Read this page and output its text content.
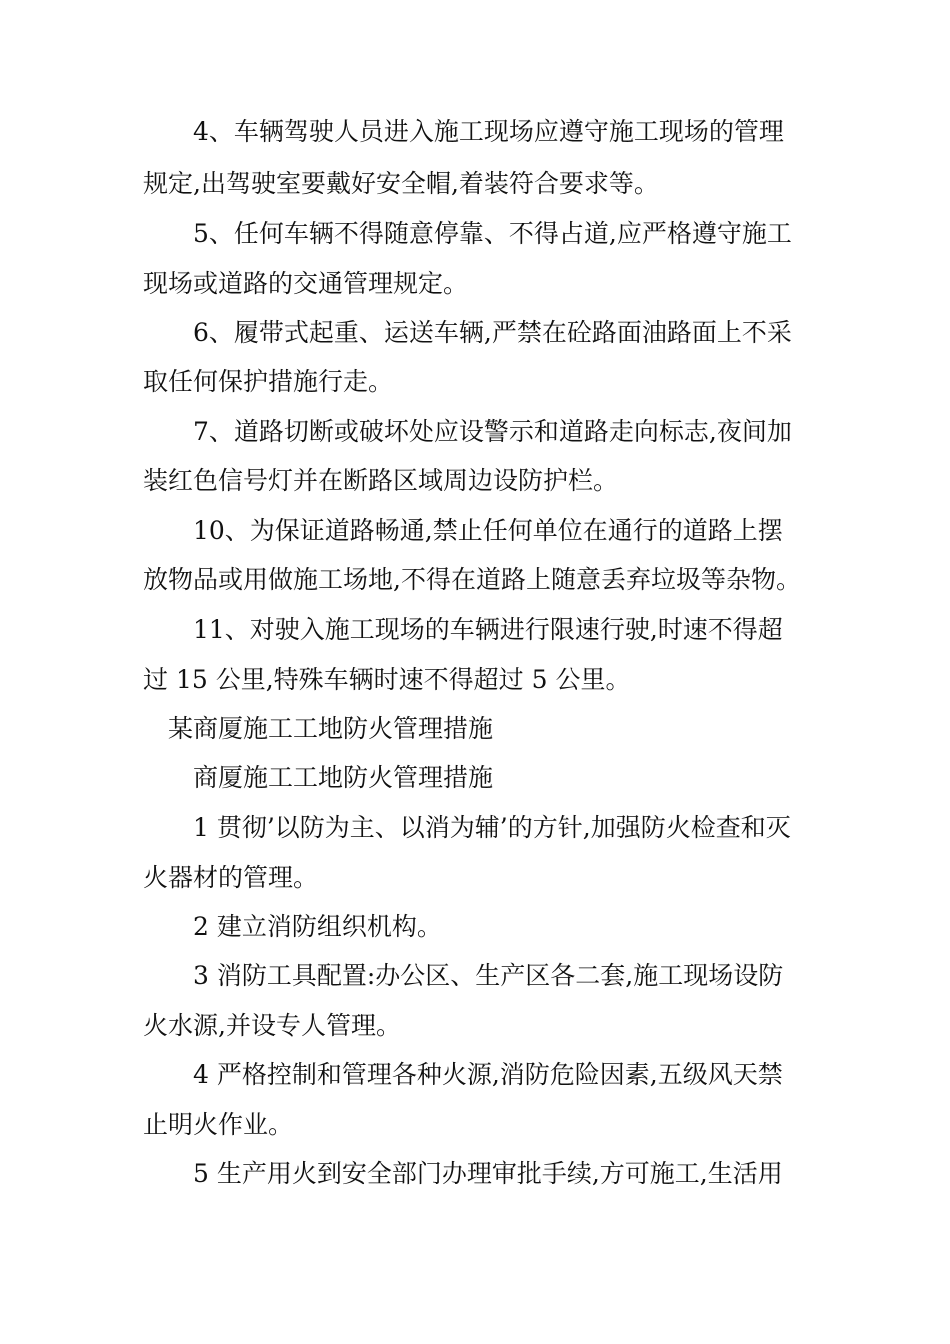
4、车辆驾驶人员进入施工现场应遵守施工现场的管理
规定,出驾驶室要戴好安全帽,着装符合要求等。
5、任何车辆不得随意停靠、不得占道,应严格遵守施工
现场或道路的交通管理规定。
6、履带式起重、运送车辆,严禁在砼路面油路面上不采
取任何保护措施行走。
7、道路切断或破坏处应设警示和道路走向标志,夜间加
装红色信号灯并在断路区域周边设防护栏。
10、为保证道路畅通,禁止任何单位在通行的道路上摆
放物品或用做施工场地,不得在道路上随意丢弃垃圾等杂物。
11、对驶入施工现场的车辆进行限速行驶,时速不得超
过 15 公里,特殊车辆时速不得超过 5 公里。
某商厦施工工地防火管理措施
商厦施工工地防火管理措施
1 贯彻’以防为主、以消为辅’的方针,加强防火检查和灭
火器材的管理。
2 建立消防组织机构。
3 消防工具配置:办公区、生产区各二套,施工现场设防
火水源,并设专人管理。
4 严格控制和管理各种火源,消防危险因素,五级风天禁
止明火作业。
5 生产用火到安全部门办理审批手续,方可施工,生活用
